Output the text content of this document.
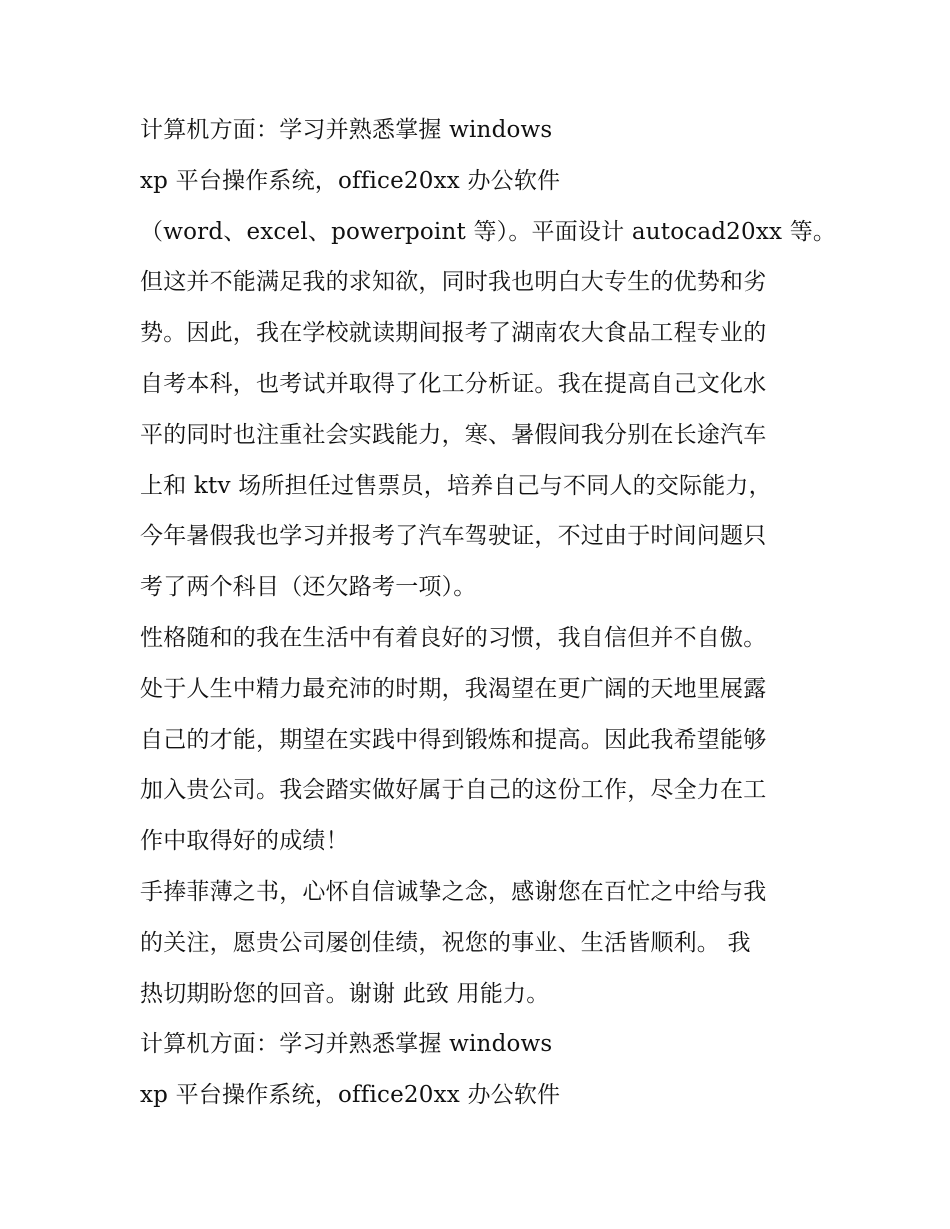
计算机方面：学习并熟悉掌握 windows
xp 平台操作系统，office20xx 办公软件
（word、excel、powerpoint 等）。平面设计 autocad20xx 等。
但这并不能满足我的求知欲，同时我也明白大专生的优势和劣
势。因此，我在学校就读期间报考了湖南农大食品工程专业的
自考本科，也考试并取得了化工分析证。我在提高自己文化水
平的同时也注重社会实践能力，寒、暑假间我分别在长途汽车
上和 ktv 场所担任过售票员，培养自己与不同人的交际能力，
今年暑假我也学习并报考了汽车驾驶证，不过由于时间问题只
考了两个科目（还欠路考一项）。
性格随和的我在生活中有着良好的习惯，我自信但并不自傲。
处于人生中精力最充沛的时期，我渴望在更广阔的天地里展露
自己的才能，期望在实践中得到锻炼和提高。因此我希望能够
加入贵公司。我会踏实做好属于自己的这份工作，尽全力在工
作中取得好的成绩！
手捧菲薄之书，心怀自信诚挚之念，感谢您在百忙之中给与我
的关注，愿贵公司屡创佳绩，祝您的事业、生活皆顺利。 我
热切期盼您的回音。谢谢 此致 用能力。
计算机方面：学习并熟悉掌握 windows
xp 平台操作系统，office20xx 办公软件
